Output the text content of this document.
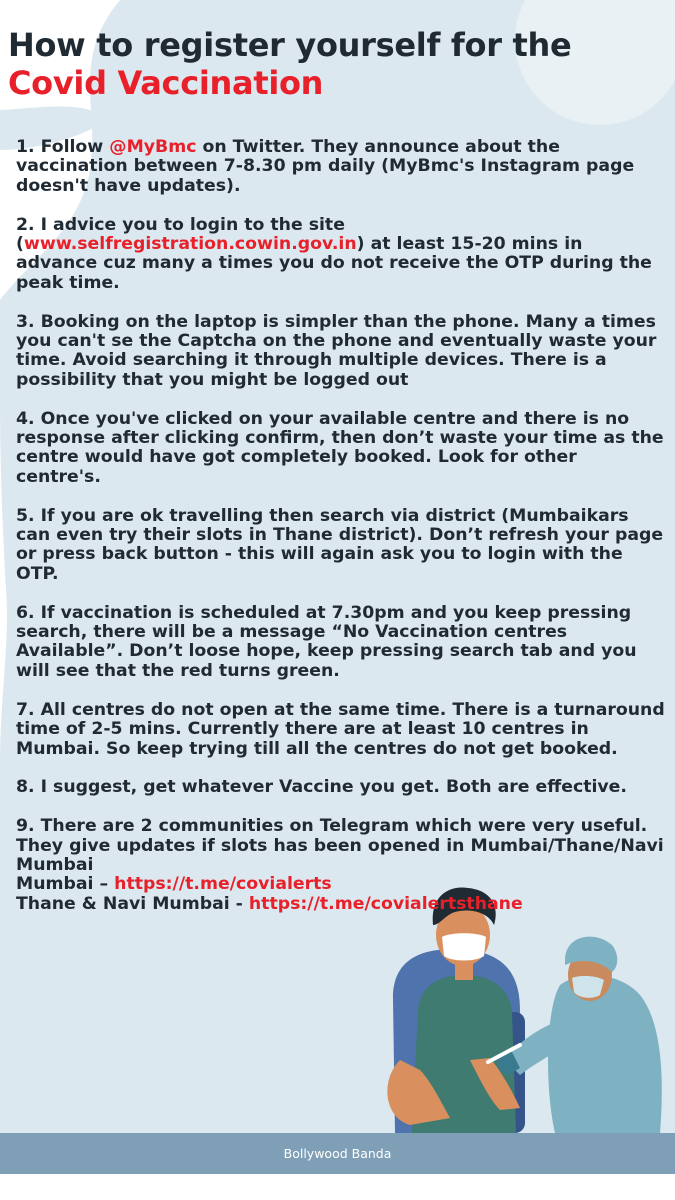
How to register yourself for the
Covid Vaccination

1. Follow @MyBmc on Twitter. They announce about the vaccination between 7-8.30 pm daily (MyBmc's Instagram page doesn't have updates).

2. I advice you to login to the site (www.selfregistration.cowin.gov.in) at least 15-20 mins in advance cuz many a times you do not receive the OTP during the peak time.

3. Booking on the laptop is simpler than the phone. Many a times you can't se the Captcha on the phone and eventually waste your time. Avoid searching it through multiple devices. There is a possibility that you might be logged out

4. Once you've clicked on your available centre and there is no response after clicking confirm, then don’t waste your time as the centre would have got completely booked. Look for other centre's.

5. If you are ok travelling then search via district (Mumbaikars can even try their slots in Thane district). Don’t refresh your page or press back button - this will again ask you to login with the OTP.

6. If vaccination is scheduled at 7.30pm and you keep pressing search, there will be a message “No Vaccination centres Available”. Don’t loose hope, keep pressing search tab and you will see that the red turns green.

7. All centres do not open at the same time. There is a turnaround time of 2-5 mins. Currently there are at least 10 centres in Mumbai. So keep trying till all the centres do not get booked.

8. I suggest, get whatever Vaccine you get. Both are effective.

9. There are 2 communities on Telegram which were very useful. They give updates if slots has been opened in Mumbai/Thane/Navi Mumbai
Mumbai – https://t.me/covialerts
Thane & Navi Mumbai - https://t.me/covialertsthane

Bollywood Banda
